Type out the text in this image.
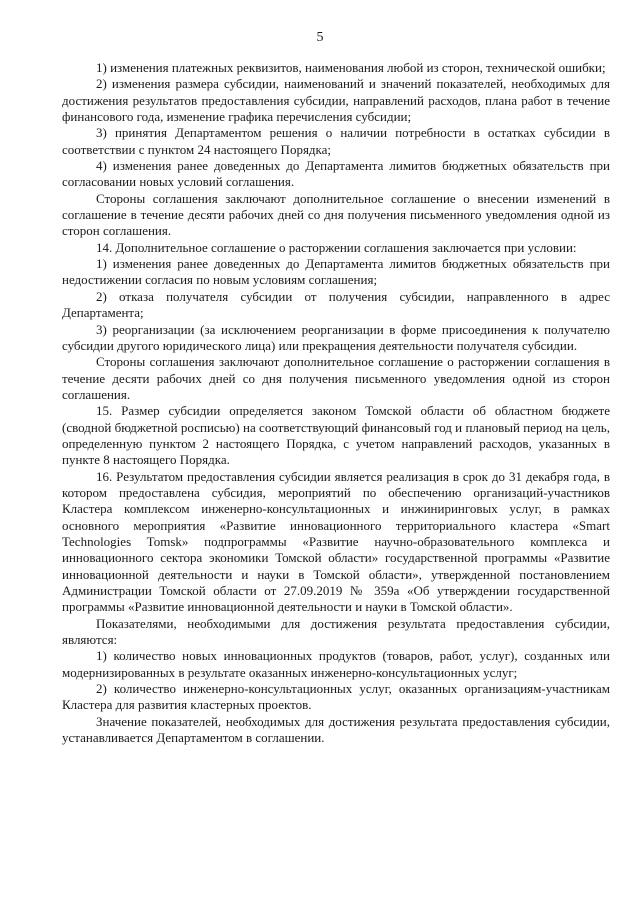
5

1) изменения платежных реквизитов, наименования любой из сторон, технической ошибки;

2) изменения размера субсидии, наименований и значений показателей, необходимых для достижения результатов предоставления субсидии, направлений расходов, плана работ в течение финансового года, изменение графика перечисления субсидии;

3) принятия Департаментом решения о наличии потребности в остатках субсидии в соответствии с пунктом 24 настоящего Порядка;

4) изменения ранее доведенных до Департамента лимитов бюджетных обязательств при согласовании новых условий соглашения.

Стороны соглашения заключают дополнительное соглашение о внесении изменений в соглашение в течение десяти рабочих дней со дня получения письменного уведомления одной из сторон соглашения.

14. Дополнительное соглашение о расторжении соглашения заключается при условии:

1) изменения ранее доведенных до Департамента лимитов бюджетных обязательств при недостижении согласия по новым условиям соглашения;

2) отказа получателя субсидии от получения субсидии, направленного в адрес Департамента;

3) реорганизации (за исключением реорганизации в форме присоединения к получателю субсидии другого юридического лица) или прекращения деятельности получателя субсидии.

Стороны соглашения заключают дополнительное соглашение о расторжении соглашения в течение десяти рабочих дней со дня получения письменного уведомления одной из сторон соглашения.

15. Размер субсидии определяется законом Томской области об областном бюджете (сводной бюджетной росписью) на соответствующий финансовый год и плановый период на цель, определенную пунктом 2 настоящего Порядка, с учетом направлений расходов, указанных в пункте 8 настоящего Порядка.

16. Результатом предоставления субсидии является реализация в срок до 31 декабря года, в котором предоставлена субсидия, мероприятий по обеспечению организаций-участников Кластера комплексом инженерно-консультационных и инжиниринговых услуг, в рамках основного мероприятия «Развитие инновационного территориального кластера «Smart Technologies Tomsk» подпрограммы «Развитие научно-образовательного комплекса и инновационного сектора экономики Томской области» государственной программы «Развитие инновационной деятельности и науки в Томской области», утвержденной постановлением Администрации Томской области от 27.09.2019 № 359а «Об утверждении государственной программы «Развитие инновационной деятельности и науки в Томской области».

Показателями, необходимыми для достижения результата предоставления субсидии, являются:

1) количество новых инновационных продуктов (товаров, работ, услуг), созданных или модернизированных в результате оказанных инженерно-консультационных услуг;

2) количество инженерно-консультационных услуг, оказанных организациям-участникам Кластера для развития кластерных проектов.

Значение показателей, необходимых для достижения результата предоставления субсидии, устанавливается Департаментом в соглашении.
